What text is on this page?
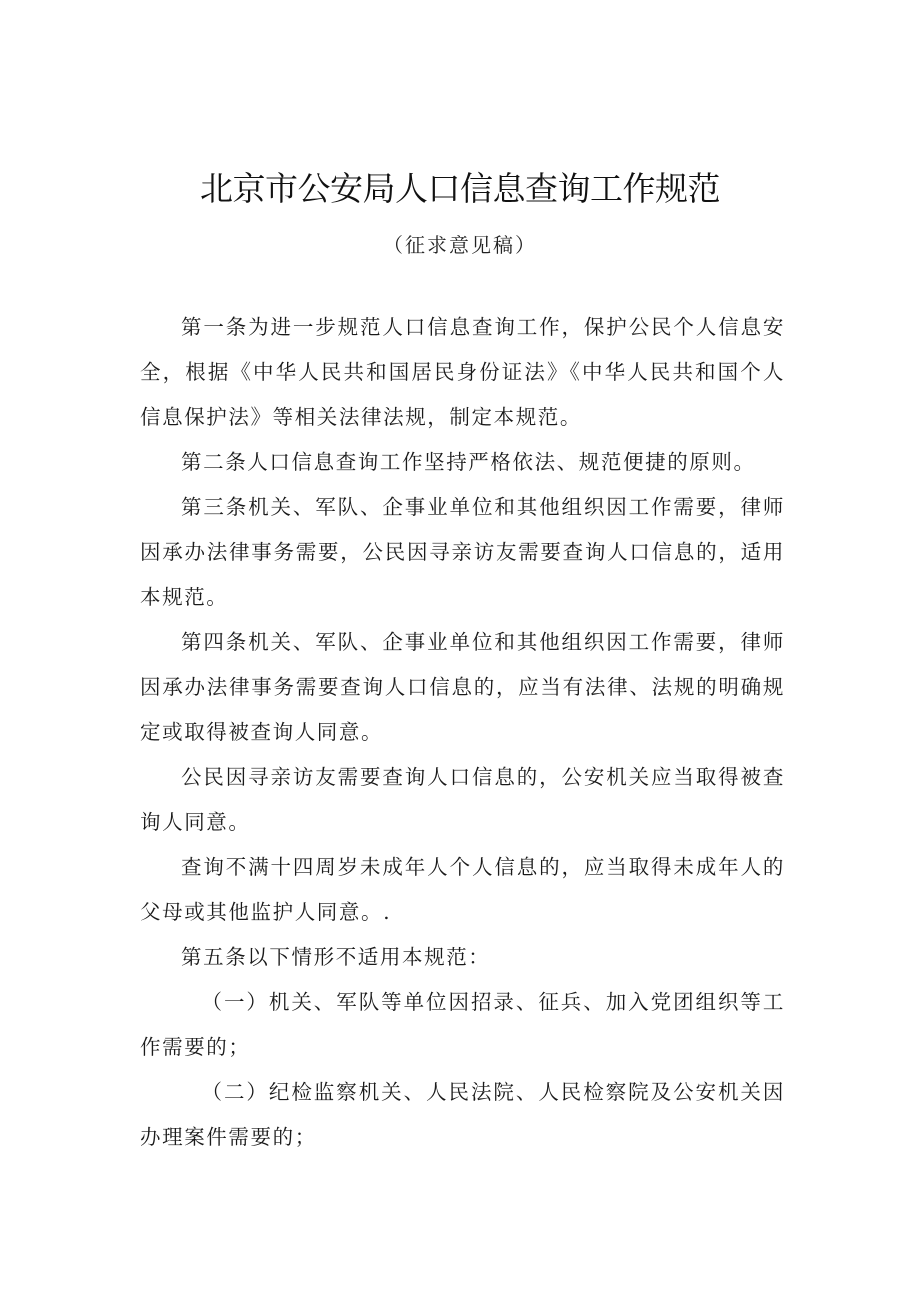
北京市公安局人口信息查询工作规范
（征求意见稿）

第一条为进一步规范人口信息查询工作，保护公民个人信息安全，根据《中华人民共和国居民身份证法》《中华人民共和国个人信息保护法》等相关法律法规，制定本规范。

第二条人口信息查询工作坚持严格依法、规范便捷的原则。

第三条机关、军队、企事业单位和其他组织因工作需要，律师因承办法律事务需要，公民因寻亲访友需要查询人口信息的，适用本规范。

第四条机关、军队、企事业单位和其他组织因工作需要，律师因承办法律事务需要查询人口信息的，应当有法律、法规的明确规定或取得被查询人同意。

公民因寻亲访友需要查询人口信息的，公安机关应当取得被查询人同意。

查询不满十四周岁未成年人个人信息的，应当取得未成年人的父母或其他监护人同意。.

第五条以下情形不适用本规范：

（一）机关、军队等单位因招录、征兵、加入党团组织等工作需要的；

（二）纪检监察机关、人民法院、人民检察院及公安机关因办理案件需要的；
